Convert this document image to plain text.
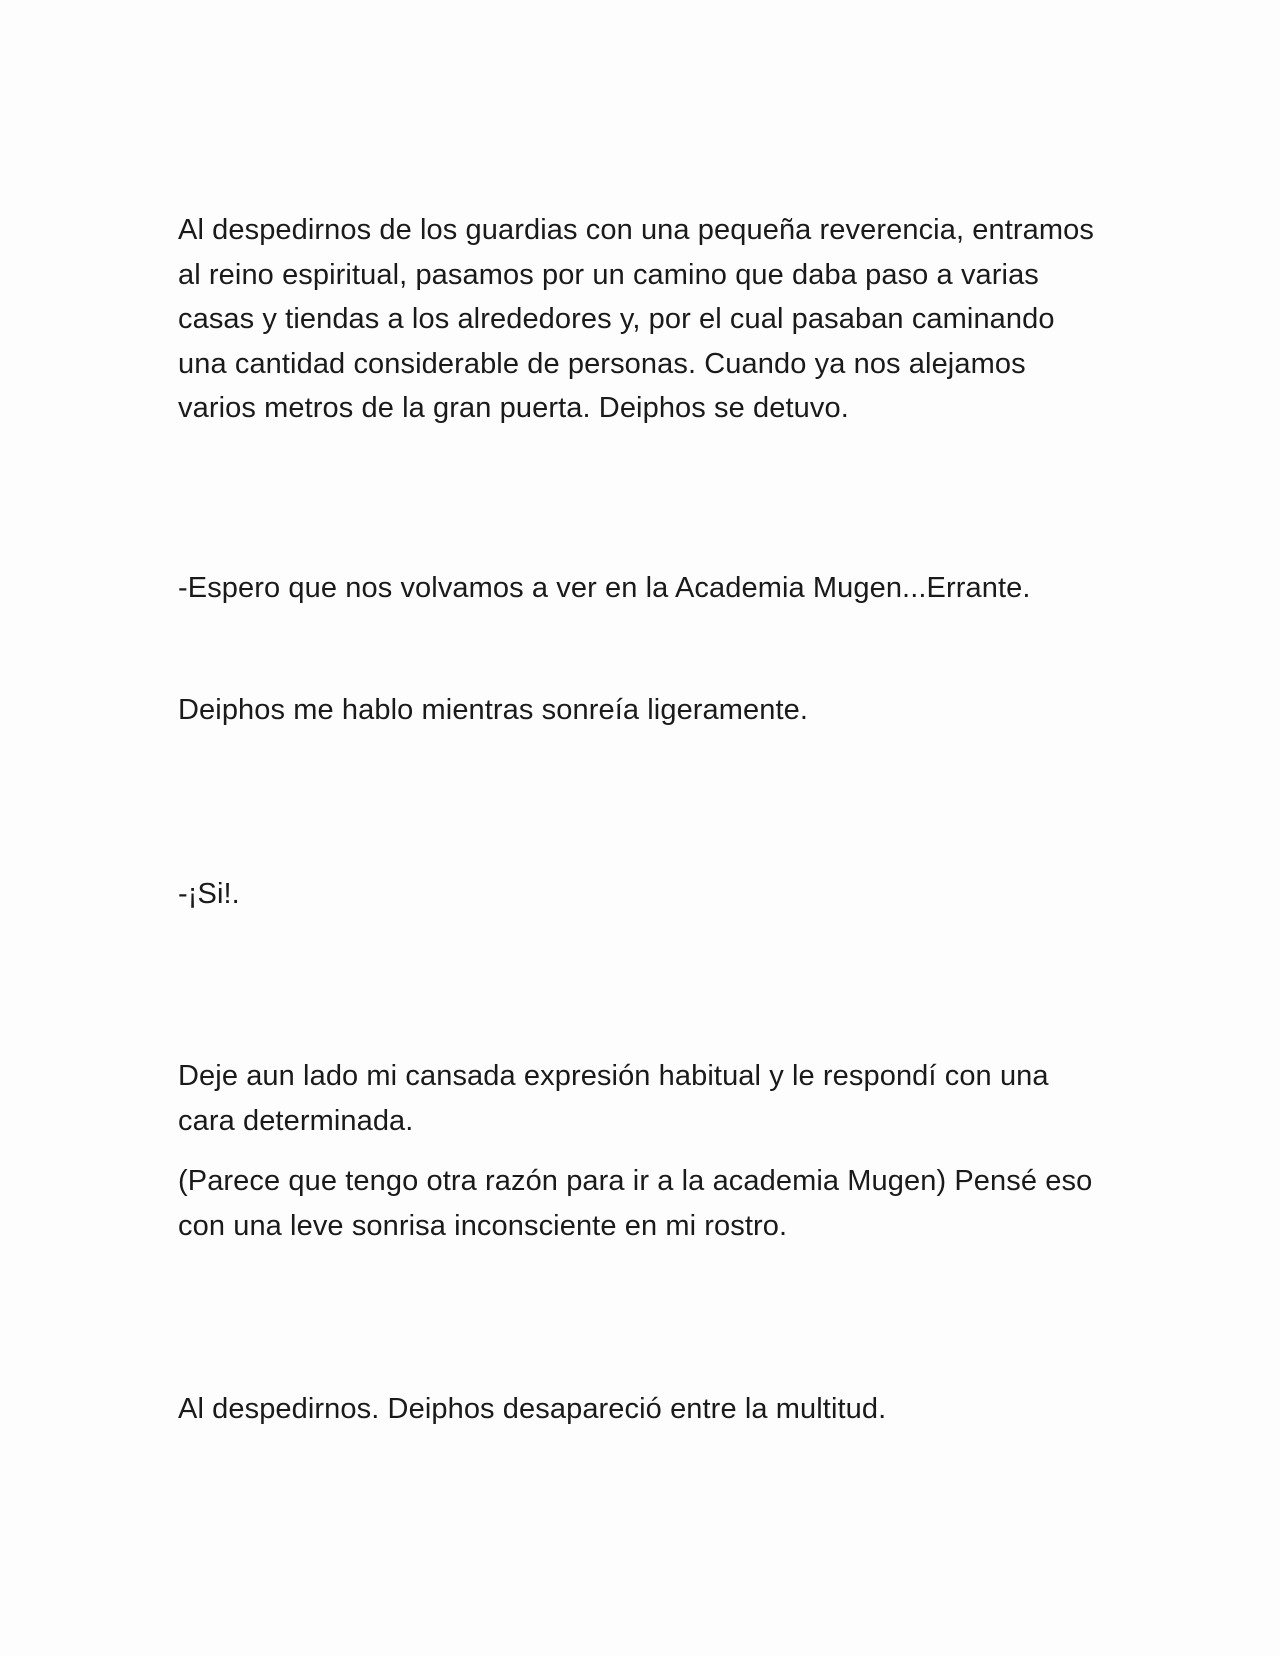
Al despedirnos de los guardias con una pequeña reverencia, entramos al reino espiritual, pasamos por un camino que daba paso a varias casas y tiendas a los alrededores y, por el cual pasaban caminando una cantidad considerable de personas. Cuando ya nos alejamos varios metros de la gran puerta. Deiphos se detuvo.

-Espero que nos volvamos a ver en la Academia Mugen...Errante.

Deiphos me hablo mientras sonreía ligeramente.

-¡Si!.

Deje aun lado mi cansada expresión habitual y le respondí con una cara determinada.

(Parece que tengo otra razón para ir a la academia Mugen) Pensé eso con una leve sonrisa inconsciente en mi rostro.

Al despedirnos. Deiphos desapareció entre la multitud.
